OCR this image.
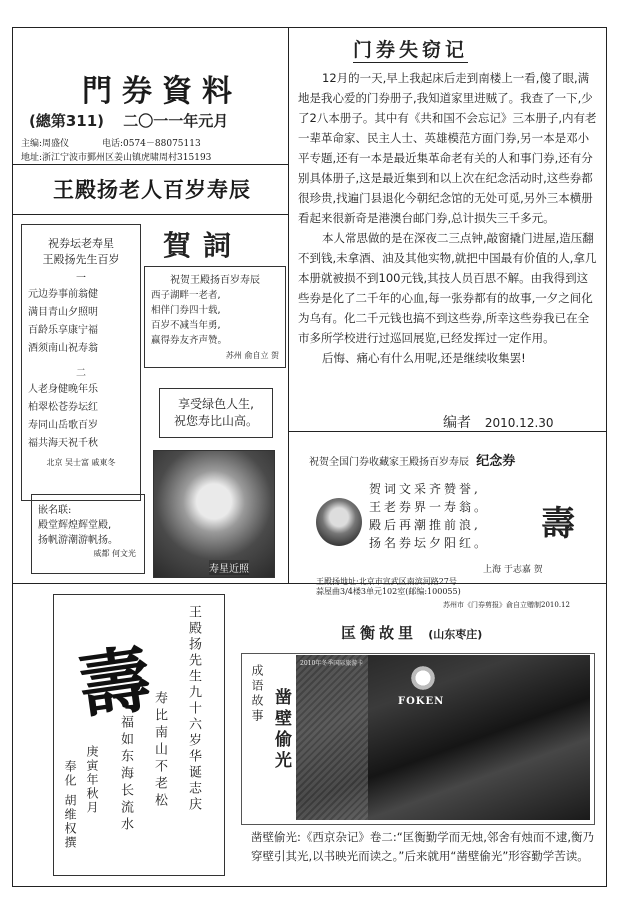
門券資料
(總第311) 二〇一一年元月
主编:周盛仪	电话:0574－88075113
地址:浙江宁波市鄞州区姜山镇虎啸周村315193
王殿扬老人百岁寿辰
祝券坛老寿星
王殿扬先生百岁
一
元边券事前翁健
满目青山夕照明
百龄乐享康宁福
酒须南山祝寿翁
二
人老身健晚年乐
柏翠松苍券坛红
寿同山岳歌百岁
福共海天祝千秋
北京 吴士富 戚東冬
賀詞
祝贺王殿扬百岁寿辰
西子湖畔一老者,
相伴门券四十载,
百岁不减当年勇,
赢得券友齐声赞。
苏州 俞自立 贺
享受绿色人生,
祝您寿比山高。
寿星近照
嵌名联:
殿堂辉煌辉堂殿,
扬帆游潮游帆扬。
威都 何文光
壽
庚寅年秋月
奉化 胡维权撰	福如东海长流水 寿比南山不老松 王殿扬先生九十六岁华诞志庆
门券失窃记

12月的一天,早上我起床后走到南楼上一看,傻了眼,满地是我心爱的门券册子,我知道家里进贼了。我查了一下,少了2八本册子。其中有《共和国不会忘记》三本册子,内有老一辈革命家、民主人士、英雄模范方面门券,另一本是邓小平专题,还有一本是最近集革命老有关的人和事门券,还有分别具体册子,这是最近集到和以上次在纪念活动时,这些券都很珍贵,找遍门县退化今朝纪念馆的无处可觅,另外三本横册看起来很新奇是港澳台邮门券,总计损失三千多元。

本人常思做的是在深夜二三点钟,敲窗撬门进屋,造压翻不到钱,未拿酒、油及其他实物,就把中国最有价值的人,拿几本册就被损不到100元钱,其技人员百思不解。由我得到这些券是化了二千年的心血,每一张券都有的故事,一夕之间化为乌有。化二千元钱也搞不到这些券,所幸这些券我已在全市多所学校进行过巡回展览,已经发挥过一定作用。

后悔、痛心有什么用呢,还是继续收集罢!

编者 2010.12.30
祝贺全国门券收藏家王殿扬百岁寿辰 纪念券
贺词文采齐赞誉,
王老券界一寿翁。
殿后再潮推前浪,
扬名券坛夕阳红。 壽
上海 于志嘉 贺
王殿扬地址:北京市宣武区南滨河路27号
蒜屋曲3/4楼3单元102室(邮编:100055)
苏州市《门券剪报》俞自立赠制2010.12
匡衡故里 (山东枣庄)
成语故事 凿壁偷光
2010年冬季国际旅游卡
FOKEN
凿壁偷光:《西京杂记》卷二:“匡衡勤学而无烛,邻舍有烛而不逮,衡乃穿壁引其光,以书映光而读之。”后来就用“凿壁偷光”形容勤学苦读。
